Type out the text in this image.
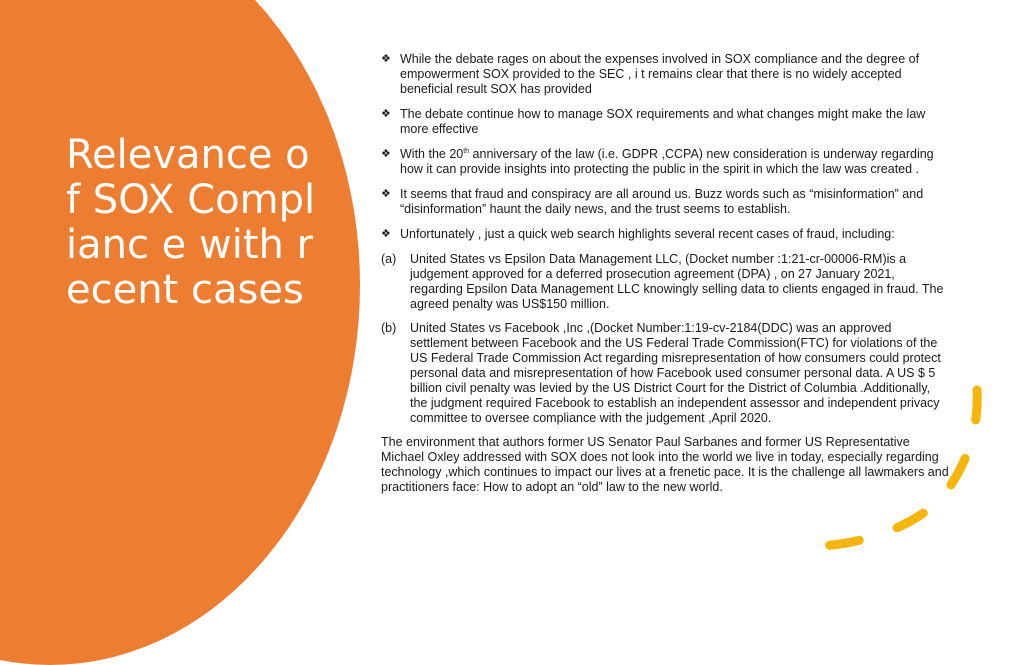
Relevance of SOX Complianc e with recent cases
❖ While the debate rages on about the expenses involved in SOX compliance and the degree of empowerment SOX provided to the SEC , i t remains clear that there is no widely accepted beneficial result SOX has provided
❖ The debate continue how to manage SOX requirements and what changes might make the law more effective
❖ With the 20th anniversary of the law (i.e. GDPR ,CCPA) new consideration is underway regarding how it can provide insights into protecting the public in the spirit in which the law was created .
❖ It seems that fraud and conspiracy are all around us. Buzz words such as “misinformation” and “disinformation” haunt the daily news, and the trust seems to establish.
❖ Unfortunately , just a quick web search highlights several recent cases of fraud, including:
(a)	United States vs Epsilon Data Management LLC, (Docket number :1:21-cr-00006-RM)is a judgement approved for a deferred prosecution agreement (DPA) , on 27 January 2021, regarding Epsilon Data Management LLC knowingly selling data to clients engaged in fraud. The agreed penalty was US$150 million.
(b)	United States vs Facebook ,Inc ,(Docket Number:1:19-cv-2184(DDC) was an approved settlement between Facebook and the US Federal Trade Commission(FTC) for violations of the US Federal Trade Commission Act regarding misrepresentation of how consumers could protect personal data and misrepresentation of how Facebook used consumer personal data. A US $ 5 billion civil penalty was levied by the US District Court for the District of Columbia .Additionally, the judgment required Facebook to establish an independent assessor and independent privacy committee to oversee compliance with the judgement ,April 2020.
The environment that authors former US Senator Paul Sarbanes and former US Representative Michael Oxley addressed with SOX does not look into the world we live in today, especially regarding technology ,which continues to impact our lives at a frenetic pace. It is the challenge all lawmakers and practitioners face: How to adopt an “old” law to the new world.
